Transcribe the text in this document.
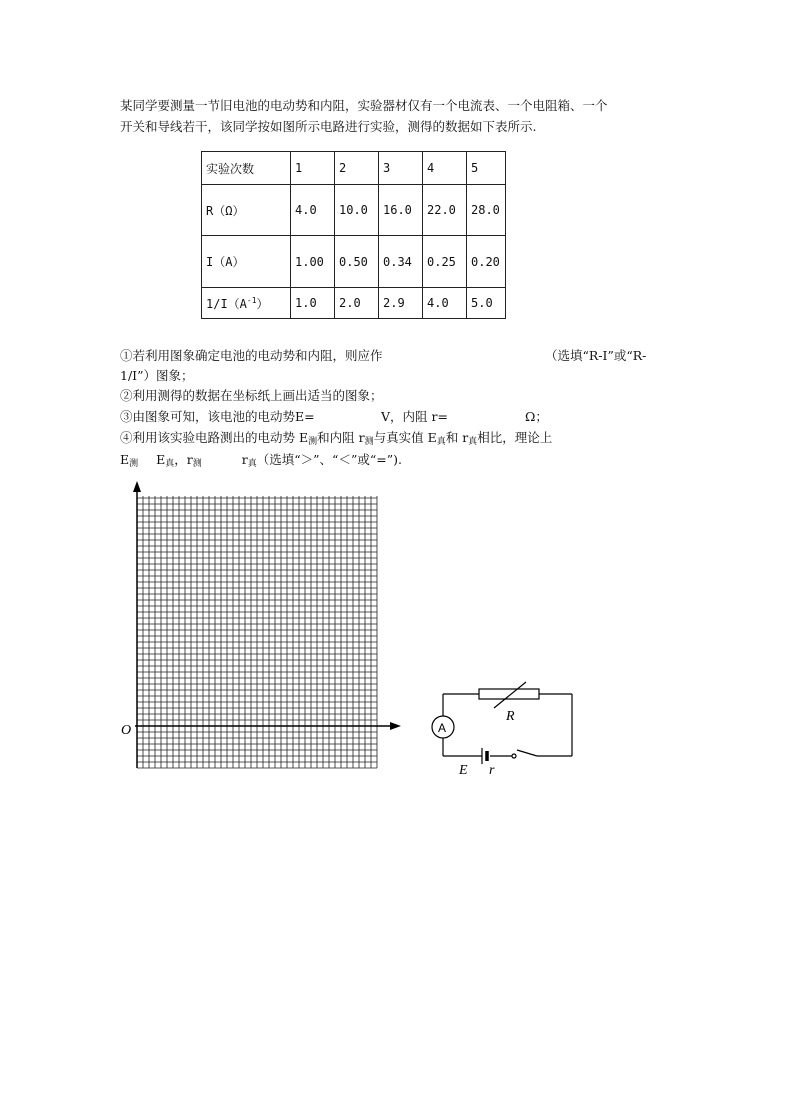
某同学要测量一节旧电池的电动势和内阻，实验器材仅有一个电流表、一个电阻箱、一个
开关和导线若干，该同学按如图所示电路进行实验，测得的数据如下表所示.
实验次数	1	2	3	4	5
R（Ω）	4.0	10.0	16.0	22.0	28.0
I（A）	1.00	0.50	0.34	0.25	0.20
$1/I(A^{-1})$	1.0	2.0	2.9	4.0	5.0
①若利用图象确定电池的电动势和内阻，则应作	（选填“R-I”或“R-
1/I”）图象；
②利用测得的数据在坐标纸上画出适当的图象；
③由图象可知，该电池的电动势E=	V，内阻 r=	Ω；
④利用该实验电路测出的电动势 $E_测$和内阻 $r_测$与真实值 $E_真$和 $r_真$相比，理论上
$E_测$ $E_真$，$r_测$	$r_真$（选填“＞”、“＜”或“=”).
O	A
R
E r
